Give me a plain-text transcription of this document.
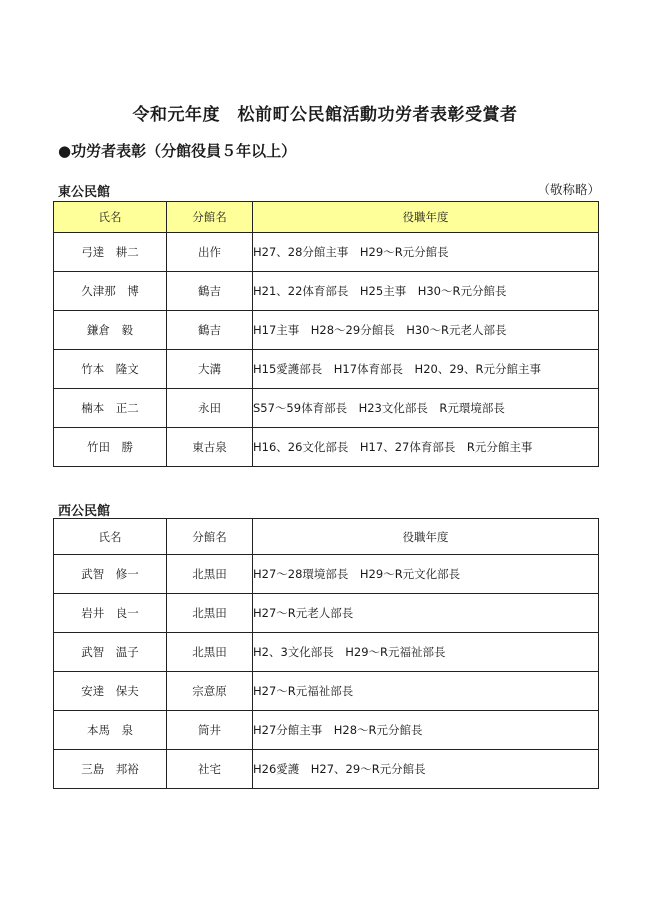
令和元年度　松前町公民館活動功労者表彰受賞者
●功労者表彰（分館役員５年以上）
東公民館	（敬称略）
氏名	分館名	役職年度
弓達　耕二	出作	H27、28分館主事　H29～R元分館長
久津那　博	鶴吉	H21、22体育部長　H25主事　H30～R元分館長
鎌倉　毅	鶴吉	H17主事　H28～29分館長　H30～R元老人部長
竹本　隆文	大溝	H15愛護部長　H17体育部長　H20、29、R元分館主事
楠本　正二	永田	S57～59体育部長　H23文化部長　R元環境部長
竹田　勝	東古泉	H16、26文化部長　H17、27体育部長　R元分館主事
西公民館
氏名	分館名	役職年度
武智　修一	北黒田	H27～28環境部長　H29～R元文化部長
岩井　良一	北黒田	H27～R元老人部長
武智　温子	北黒田	H2、3文化部長　H29～R元福祉部長
安達　保夫	宗意原	H27～R元福祉部長
本馬　泉	筒井	H27分館主事　H28～R元分館長
三島　邦裕	社宅	H26愛護　H27、29～R元分館長
